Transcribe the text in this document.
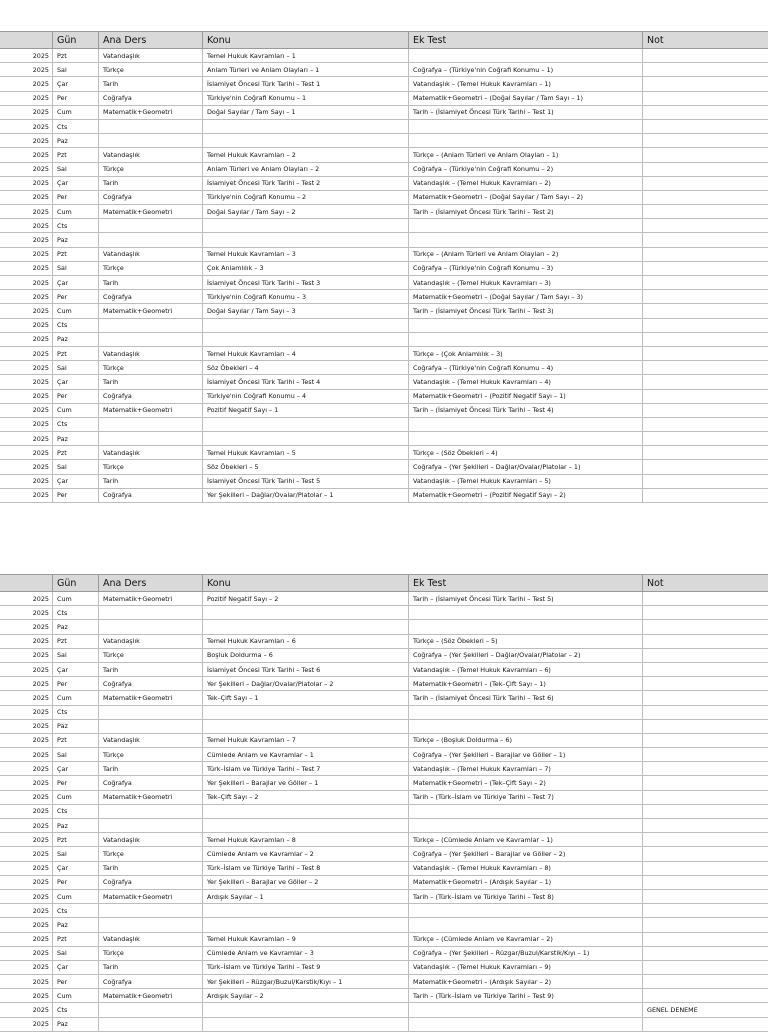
	Gün	Ana Ders	Konu	Ek Test	Not
2025	Pzt	Vatandaşlık	Temel Hukuk Kavramları – 1		
2025	Sal	Türkçe	Anlam Türleri ve Anlam Olayları – 1	Coğrafya – (Türkiye'nin Coğrafi Konumu – 1)	
2025	Çar	Tarih	İslamiyet Öncesi Türk Tarihi – Test 1	Vatandaşlık – (Temel Hukuk Kavramları – 1)	
2025	Per	Coğrafya	Türkiye'nin Coğrafi Konumu – 1	Matematik+Geometri – (Doğal Sayılar / Tam Sayı – 1)	
2025	Cum	Matematik+Geometri	Doğal Sayılar / Tam Sayı – 1	Tarih – (İslamiyet Öncesi Türk Tarihi – Test 1)	
2025	Cts				
2025	Paz				
2025	Pzt	Vatandaşlık	Temel Hukuk Kavramları – 2	Türkçe – (Anlam Türleri ve Anlam Olayları – 1)	
2025	Sal	Türkçe	Anlam Türleri ve Anlam Olayları – 2	Coğrafya – (Türkiye'nin Coğrafi Konumu – 2)	
2025	Çar	Tarih	İslamiyet Öncesi Türk Tarihi – Test 2	Vatandaşlık – (Temel Hukuk Kavramları – 2)	
2025	Per	Coğrafya	Türkiye'nin Coğrafi Konumu – 2	Matematik+Geometri – (Doğal Sayılar / Tam Sayı – 2)	
2025	Cum	Matematik+Geometri	Doğal Sayılar / Tam Sayı – 2	Tarih – (İslamiyet Öncesi Türk Tarihi – Test 2)	
2025	Cts				
2025	Paz				
2025	Pzt	Vatandaşlık	Temel Hukuk Kavramları – 3	Türkçe – (Anlam Türleri ve Anlam Olayları – 2)	
2025	Sal	Türkçe	Çok Anlamlılık – 3	Coğrafya – (Türkiye'nin Coğrafi Konumu – 3)	
2025	Çar	Tarih	İslamiyet Öncesi Türk Tarihi – Test 3	Vatandaşlık – (Temel Hukuk Kavramları – 3)	
2025	Per	Coğrafya	Türkiye'nin Coğrafi Konumu – 3	Matematik+Geometri – (Doğal Sayılar / Tam Sayı – 3)	
2025	Cum	Matematik+Geometri	Doğal Sayılar / Tam Sayı – 3	Tarih – (İslamiyet Öncesi Türk Tarihi – Test 3)	
2025	Cts				
2025	Paz				
2025	Pzt	Vatandaşlık	Temel Hukuk Kavramları – 4	Türkçe – (Çok Anlamlılık – 3)	
2025	Sal	Türkçe	Söz Öbekleri – 4	Coğrafya – (Türkiye'nin Coğrafi Konumu – 4)	
2025	Çar	Tarih	İslamiyet Öncesi Türk Tarihi – Test 4	Vatandaşlık – (Temel Hukuk Kavramları – 4)	
2025	Per	Coğrafya	Türkiye'nin Coğrafi Konumu – 4	Matematik+Geometri – (Pozitif Negatif Sayı – 1)	
2025	Cum	Matematik+Geometri	Pozitif Negatif Sayı – 1	Tarih – (İslamiyet Öncesi Türk Tarihi – Test 4)	
2025	Cts				
2025	Paz				
2025	Pzt	Vatandaşlık	Temel Hukuk Kavramları – 5	Türkçe – (Söz Öbekleri – 4)	
2025	Sal	Türkçe	Söz Öbekleri – 5	Coğrafya – (Yer Şekilleri – Dağlar/Ovalar/Platolar – 1)	
2025	Çar	Tarih	İslamiyet Öncesi Türk Tarihi – Test 5	Vatandaşlık – (Temel Hukuk Kavramları – 5)	
2025	Per	Coğrafya	Yer Şekilleri – Dağlar/Ovalar/Platolar – 1	Matematik+Geometri – (Pozitif Negatif Sayı – 2)	
	Gün	Ana Ders	Konu	Ek Test	Not
2025	Cum	Matematik+Geometri	Pozitif Negatif Sayı – 2	Tarih – (İslamiyet Öncesi Türk Tarihi – Test 5)	
2025	Cts				
2025	Paz				
2025	Pzt	Vatandaşlık	Temel Hukuk Kavramları – 6	Türkçe – (Söz Öbekleri – 5)	
2025	Sal	Türkçe	Boşluk Doldurma – 6	Coğrafya – (Yer Şekilleri – Dağlar/Ovalar/Platolar – 2)	
2025	Çar	Tarih	İslamiyet Öncesi Türk Tarihi – Test 6	Vatandaşlık – (Temel Hukuk Kavramları – 6)	
2025	Per	Coğrafya	Yer Şekilleri – Dağlar/Ovalar/Platolar – 2	Matematik+Geometri – (Tek–Çift Sayı – 1)	
2025	Cum	Matematik+Geometri	Tek–Çift Sayı – 1	Tarih – (İslamiyet Öncesi Türk Tarihi – Test 6)	
2025	Cts				
2025	Paz				
2025	Pzt	Vatandaşlık	Temel Hukuk Kavramları – 7	Türkçe – (Boşluk Doldurma – 6)	
2025	Sal	Türkçe	Cümlede Anlam ve Kavramlar – 1	Coğrafya – (Yer Şekilleri – Barajlar ve Göller – 1)	
2025	Çar	Tarih	Türk–İslam ve Türkiye Tarihi – Test 7	Vatandaşlık – (Temel Hukuk Kavramları – 7)	
2025	Per	Coğrafya	Yer Şekilleri – Barajlar ve Göller – 1	Matematik+Geometri – (Tek–Çift Sayı – 2)	
2025	Cum	Matematik+Geometri	Tek–Çift Sayı – 2	Tarih – (Türk–İslam ve Türkiye Tarihi – Test 7)	
2025	Cts				
2025	Paz				
2025	Pzt	Vatandaşlık	Temel Hukuk Kavramları – 8	Türkçe – (Cümlede Anlam ve Kavramlar – 1)	
2025	Sal	Türkçe	Cümlede Anlam ve Kavramlar – 2	Coğrafya – (Yer Şekilleri – Barajlar ve Göller – 2)	
2025	Çar	Tarih	Türk–İslam ve Türkiye Tarihi – Test 8	Vatandaşlık – (Temel Hukuk Kavramları – 8)	
2025	Per	Coğrafya	Yer Şekilleri – Barajlar ve Göller – 2	Matematik+Geometri – (Ardışık Sayılar – 1)	
2025	Cum	Matematik+Geometri	Ardışık Sayılar – 1	Tarih – (Türk–İslam ve Türkiye Tarihi – Test 8)	
2025	Cts				
2025	Paz				
2025	Pzt	Vatandaşlık	Temel Hukuk Kavramları – 9	Türkçe – (Cümlede Anlam ve Kavramlar – 2)	
2025	Sal	Türkçe	Cümlede Anlam ve Kavramlar – 3	Coğrafya – (Yer Şekilleri – Rüzgar/Buzul/Karstik/Kıyı – 1)	
2025	Çar	Tarih	Türk–İslam ve Türkiye Tarihi – Test 9	Vatandaşlık – (Temel Hukuk Kavramları – 9)	
2025	Per	Coğrafya	Yer Şekilleri – Rüzgar/Buzul/Karstik/Kıyı – 1	Matematik+Geometri – (Ardışık Sayılar – 2)	
2025	Cum	Matematik+Geometri	Ardışık Sayılar – 2	Tarih – (Türk–İslam ve Türkiye Tarihi – Test 9)	
2025	Cts				GENEL DENEME
2025	Paz				
